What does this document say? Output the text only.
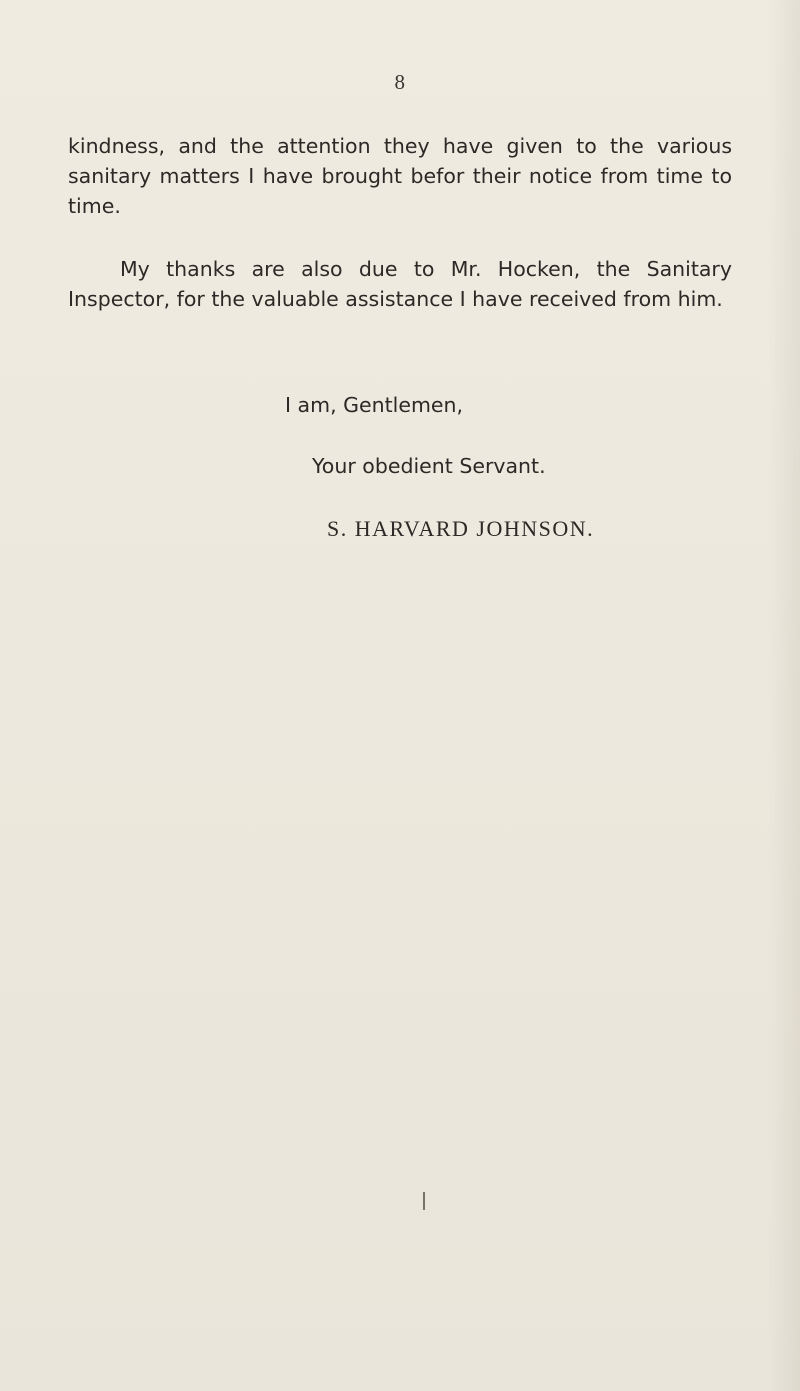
8

kindness, and the attention they have given to the various sanitary matters I have brought befor their notice from time to time.

My thanks are also due to Mr. Hocken, the Sanitary Inspector, for the valuable assistance I have received from him.

I am, Gentlemen,
Your obedient Servant.
S. HARVARD JOHNSON.
